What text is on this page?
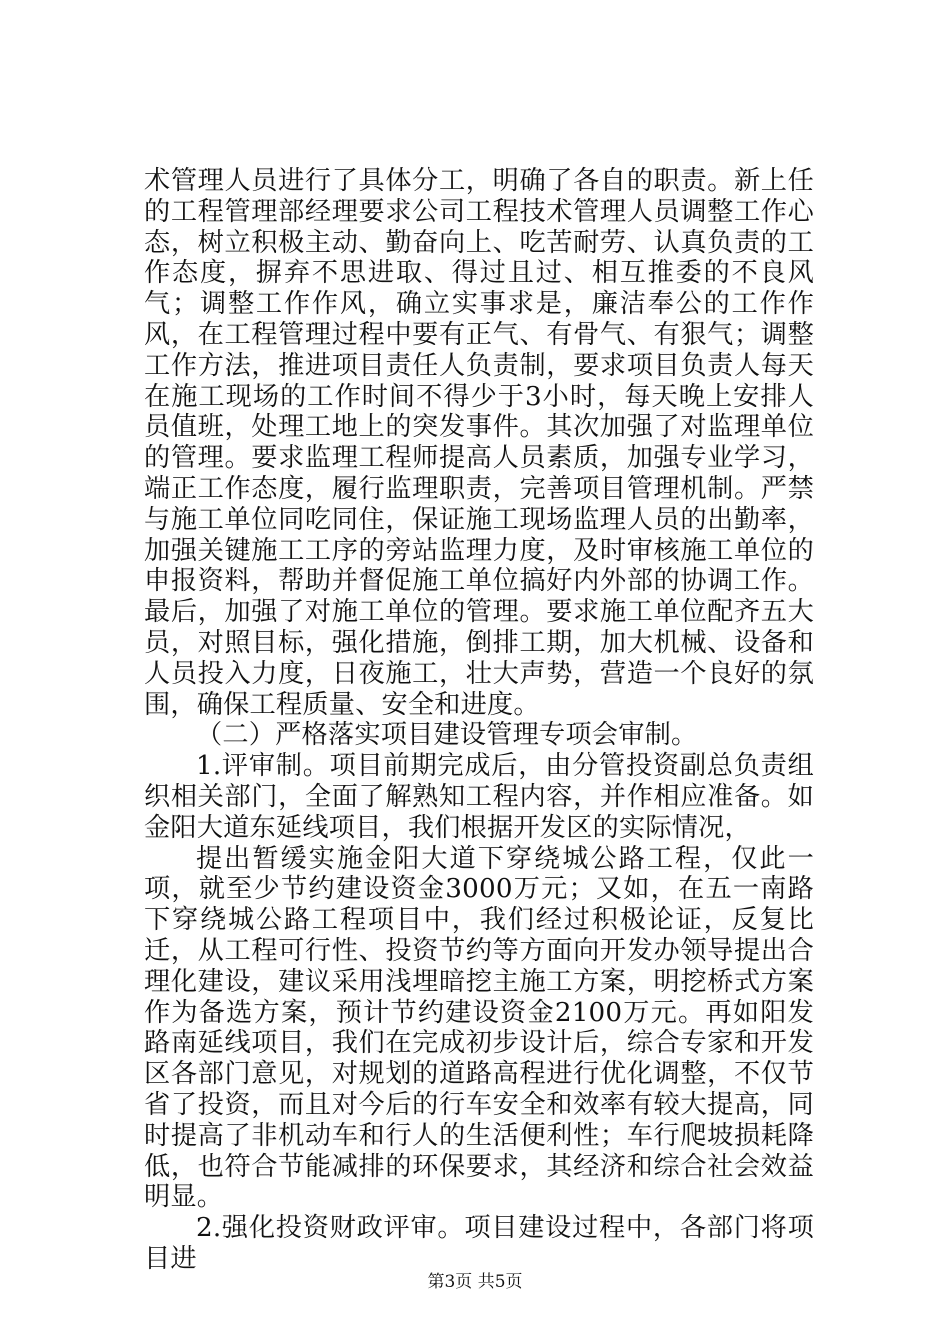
术管理人员进行了具体分工，明确了各自的职责。新上任的工程管理部经理要求公司工程技术管理人员调整工作心态，树立积极主动、勤奋向上、吃苦耐劳、认真负责的工作态度，摒弃不思进取、得过且过、相互推委的不良风气；调整工作作风，确立实事求是，廉洁奉公的工作作风，在工程管理过程中要有正气、有骨气、有狠气；调整工作方法，推进项目责任人负责制，要求项目负责人每天在施工现场的工作时间不得少于3小时，每天晚上安排人员值班，处理工地上的突发事件。其次加强了对监理单位的管理。要求监理工程师提高人员素质，加强专业学习，端正工作态度，履行监理职责，完善项目管理机制。严禁与施工单位同吃同住，保证施工现场监理人员的出勤率，加强关键施工工序的旁站监理力度，及时审核施工单位的申报资料，帮助并督促施工单位搞好内外部的协调工作。最后，加强了对施工单位的管理。要求施工单位配齐五大员，对照目标，强化措施，倒排工期，加大机械、设备和人员投入力度，日夜施工，壮大声势，营造一个良好的氛围，确保工程质量、安全和进度。

（二）严格落实项目建设管理专项会审制。

1.评审制。项目前期完成后，由分管投资副总负责组织相关部门，全面了解熟知工程内容，并作相应准备。如金阳大道东延线项目，我们根据开发区的实际情况，

提出暂缓实施金阳大道下穿绕城公路工程，仅此一项，就至少节约建设资金3000万元；又如，在五一南路下穿绕城公路工程项目中，我们经过积极论证，反复比迁，从工程可行性、投资节约等方面向开发办领导提出合理化建设，建议采用浅埋暗挖主施工方案，明挖桥式方案作为备选方案，预计节约建设资金2100万元。再如阳发路南延线项目，我们在完成初步设计后，综合专家和开发区各部门意见，对规划的道路高程进行优化调整，不仅节省了投资，而且对今后的行车安全和效率有较大提高，同时提高了非机动车和行人的生活便利性；车行爬坡损耗降低，也符合节能减排的环保要求，其经济和综合社会效益明显。

2.强化投资财政评审。项目建设过程中，各部门将项目进

第3页 共5页
